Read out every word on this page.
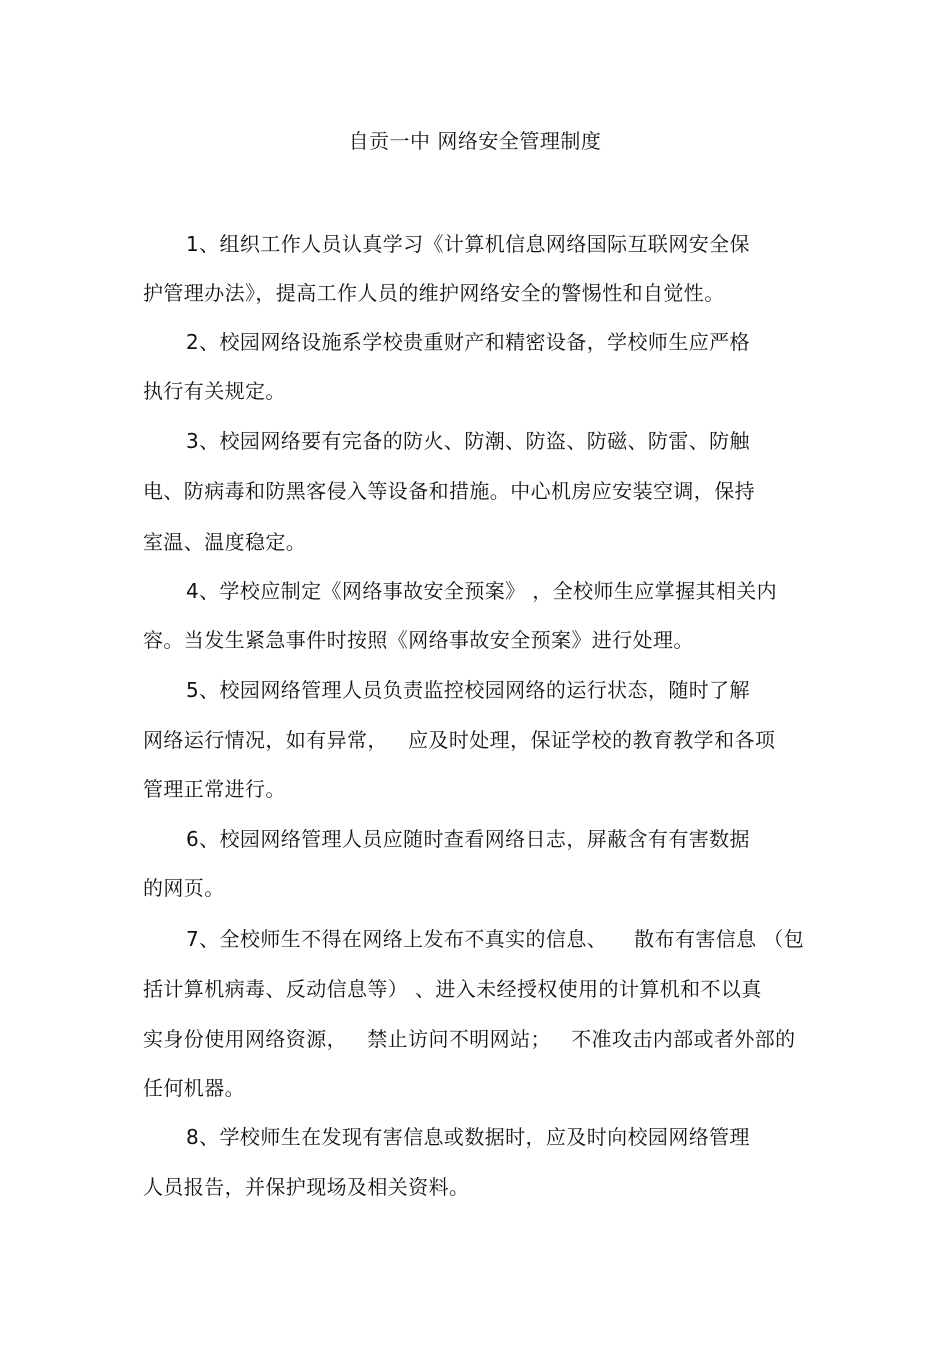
自贡一中 网络安全管理制度
1、组织工作人员认真学习《计算机信息网络国际互联网安全保
护管理办法》，提高工作人员的维护网络安全的警惕性和自觉性。
2、校园网络设施系学校贵重财产和精密设备，学校师生应严格
执行有关规定。
3、校园网络要有完备的防火、防潮、防盗、防磁、防雷、防触
电、防病毒和防黑客侵入等设备和措施。中心机房应安装空调，保持
室温、温度稳定。
4、学校应制定《网络事故安全预案》 ，全校师生应掌握其相关内
容。当发生紧急事件时按照《网络事故安全预案》进行处理。
5、校园网络管理人员负责监控校园网络的运行状态，随时了解
网络运行情况，如有异常，   应及时处理，保证学校的教育教学和各项
管理正常进行。
6、校园网络管理人员应随时查看网络日志，屏蔽含有有害数据
的网页。
7、全校师生不得在网络上发布不真实的信息、    散布有害信息 （包
括计算机病毒、反动信息等） 、进入未经授权使用的计算机和不以真
实身份使用网络资源，   禁止访问不明网站；   不准攻击内部或者外部的
任何机器。
8、学校师生在发现有害信息或数据时，应及时向校园网络管理
人员报告，并保护现场及相关资料。
